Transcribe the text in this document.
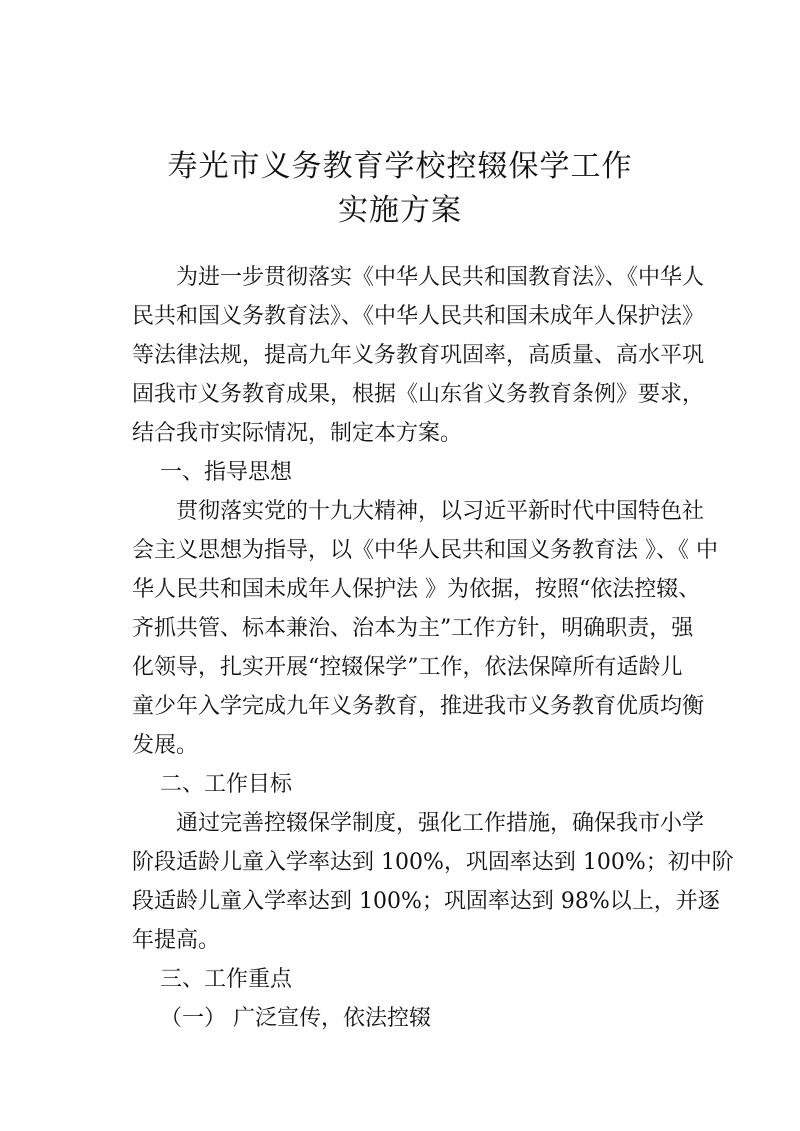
寿光市义务教育学校控辍保学工作
实施方案
为进一步贯彻落实《中华人民共和国教育法》、《中华人
民共和国义务教育法》、《中华人民共和国未成年人保护法》
等法律法规，提高九年义务教育巩固率，高质量、高水平巩
固我市义务教育成果，根据《山东省义务教育条例》要求，
结合我市实际情况，制定本方案。
一、指导思想
贯彻落实党的十九大精神，以习近平新时代中国特色社
会主义思想为指导，以《中华人民共和国义务教育法 》、《 中
华人民共和国未成年人保护法 》为依据，按照“依法控辍、
齐抓共管、标本兼治、治本为主”工作方针，明确职责，强
化领导，扎实开展“控辍保学”工作，依法保障所有适龄儿
童少年入学完成九年义务教育，推进我市义务教育优质均衡
发展。
二、工作目标
通过完善控辍保学制度，强化工作措施，确保我市小学
阶段适龄儿童入学率达到 100%，巩固率达到 100%；初中阶
段适龄儿童入学率达到 100%；巩固率达到 98%以上，并逐
年提高。
三、工作重点
（一） 广泛宣传，依法控辍
